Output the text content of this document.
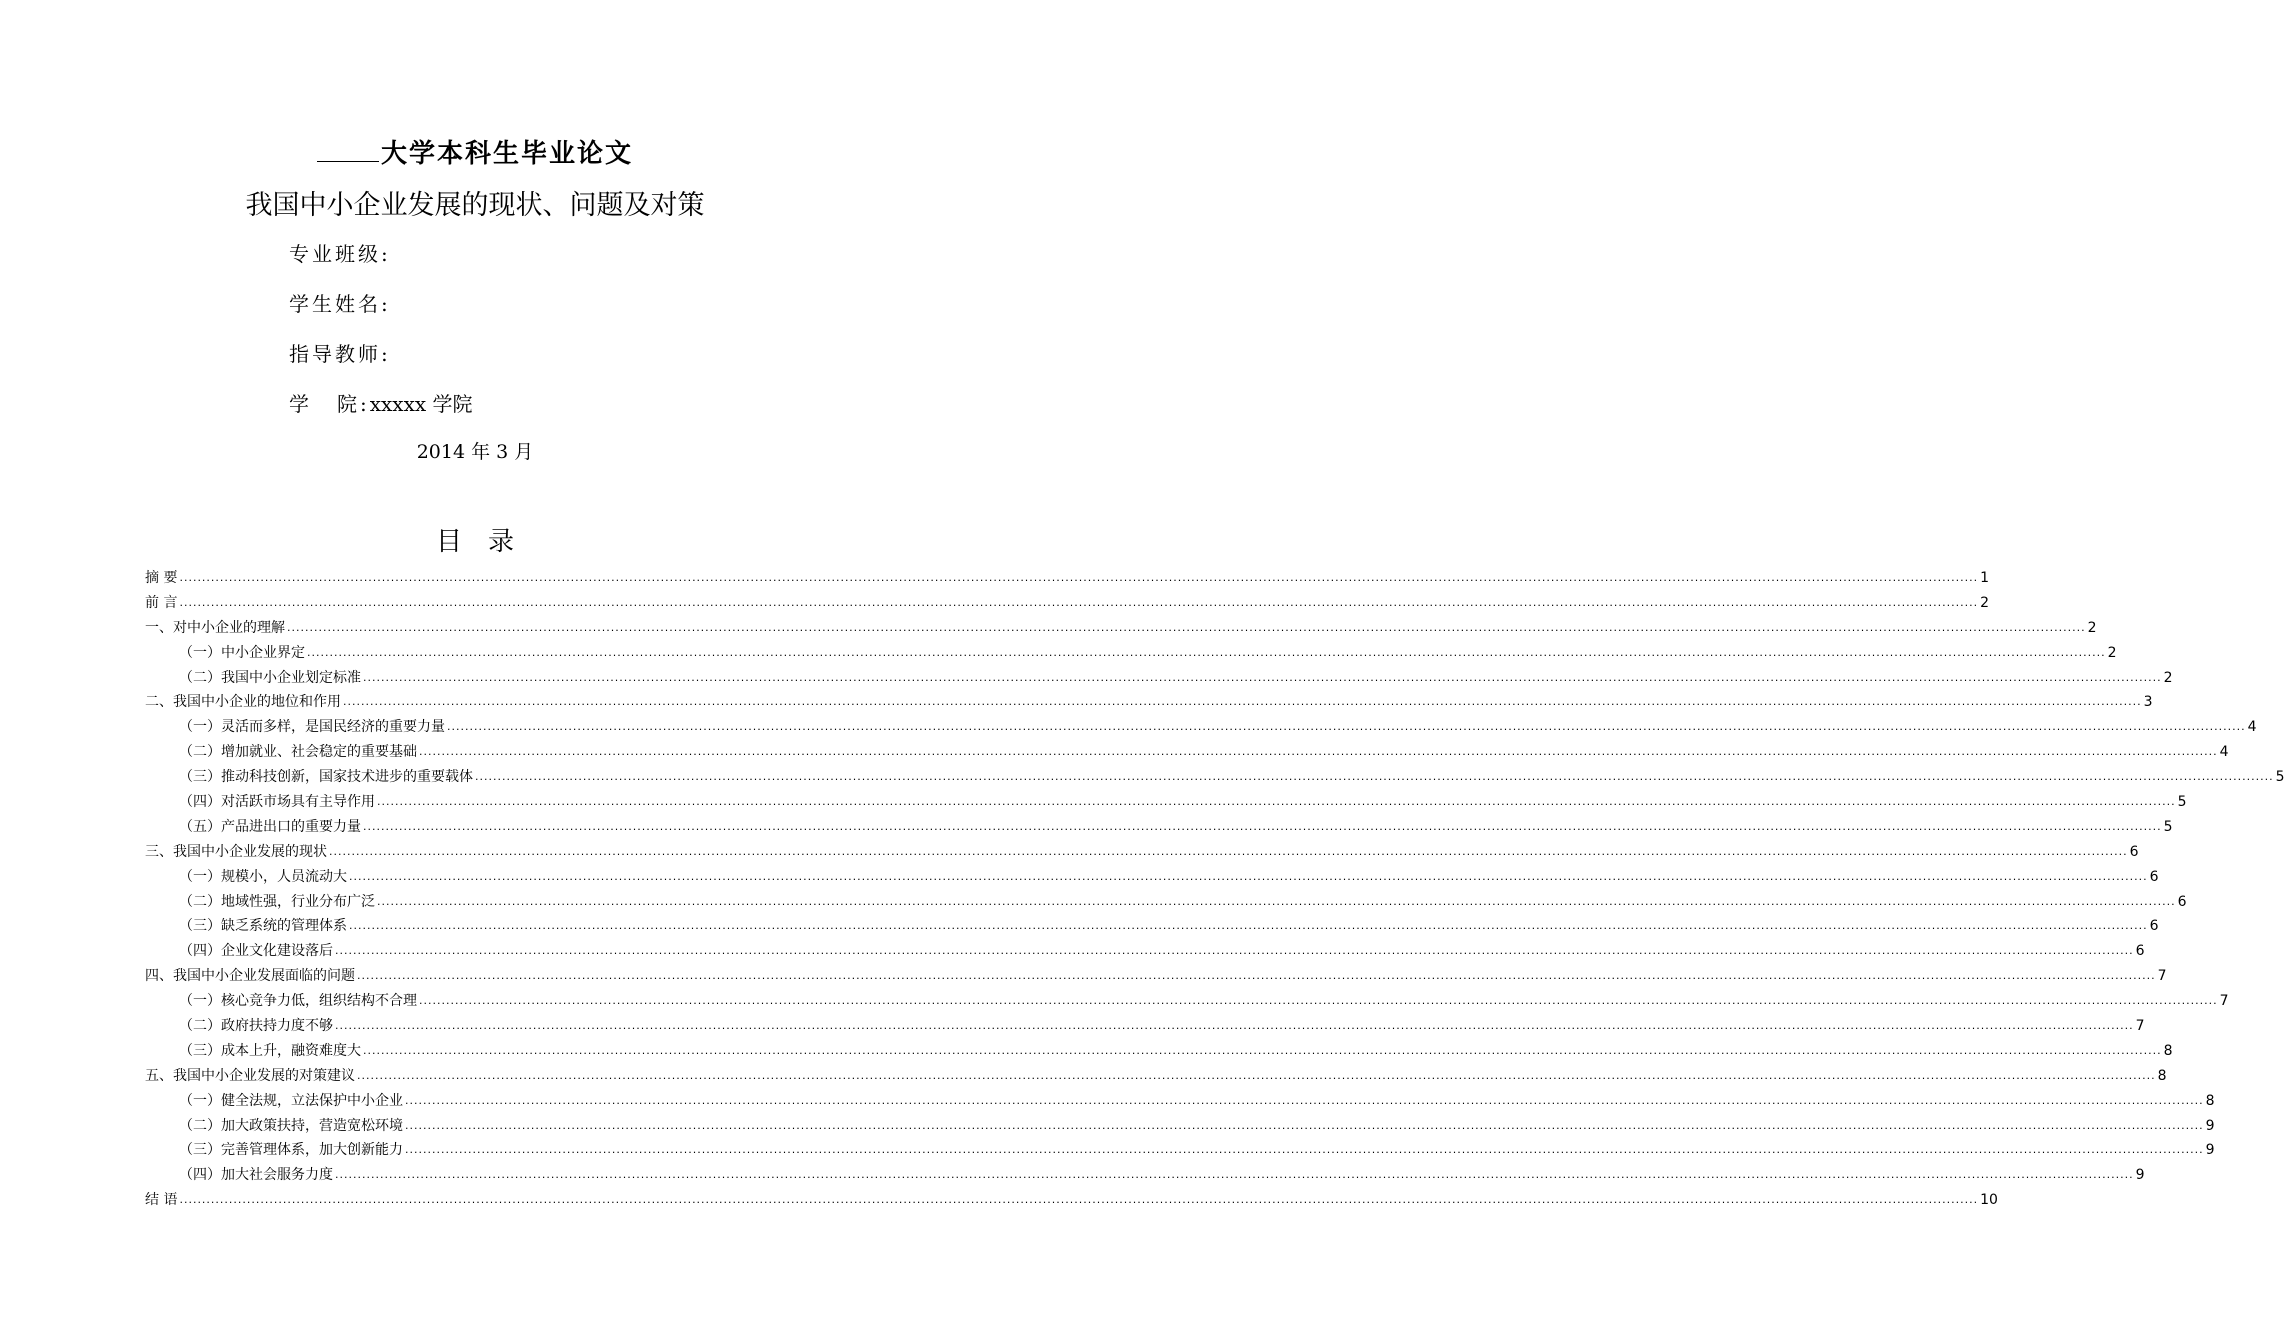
大学本科生毕业论文
我国中小企业发展的现状、问题及对策
专业班级:
学生姓名:
指导教师:
学 院:xxxxx 学院
2014 年 3 月
目 录
摘 要 ................................................................................................................................................................................................................................................................................................................................................................................................................ 1
前 言 ................................................................................................................................................................................................................................................................................................................................................................................................................ 2
一、对中小企业的理解 ................................................................................................................................................................................................................................................................................................................................................................................................................ 2
（一）中小企业界定 ................................................................................................................................................................................................................................................................................................................................................................................................................ 2
（二）我国中小企业划定标准 ................................................................................................................................................................................................................................................................................................................................................................................................................ 2
二、我国中小企业的地位和作用 ................................................................................................................................................................................................................................................................................................................................................................................................................ 3
（一）灵活而多样，是国民经济的重要力量 ................................................................................................................................................................................................................................................................................................................................................................................................................ 4
（二）增加就业、社会稳定的重要基础 ................................................................................................................................................................................................................................................................................................................................................................................................................ 4
（三）推动科技创新，国家技术进步的重要载体 ................................................................................................................................................................................................................................................................................................................................................................................................................ 5
（四）对活跃市场具有主导作用 ................................................................................................................................................................................................................................................................................................................................................................................................................ 5
（五）产品进出口的重要力量 ................................................................................................................................................................................................................................................................................................................................................................................................................ 5
三、我国中小企业发展的现状 ................................................................................................................................................................................................................................................................................................................................................................................................................ 6
（一）规模小，人员流动大 ................................................................................................................................................................................................................................................................................................................................................................................................................ 6
（二）地域性强，行业分布广泛 ................................................................................................................................................................................................................................................................................................................................................................................................................ 6
（三）缺乏系统的管理体系 ................................................................................................................................................................................................................................................................................................................................................................................................................ 6
（四）企业文化建设落后 ................................................................................................................................................................................................................................................................................................................................................................................................................ 6
四、我国中小企业发展面临的问题 ................................................................................................................................................................................................................................................................................................................................................................................................................ 7
（一）核心竞争力低，组织结构不合理 ................................................................................................................................................................................................................................................................................................................................................................................................................ 7
（二）政府扶持力度不够 ................................................................................................................................................................................................................................................................................................................................................................................................................ 7
（三）成本上升，融资难度大 ................................................................................................................................................................................................................................................................................................................................................................................................................ 8
五、我国中小企业发展的对策建议 ................................................................................................................................................................................................................................................................................................................................................................................................................ 8
（一）健全法规，立法保护中小企业 ................................................................................................................................................................................................................................................................................................................................................................................................................ 8
（二）加大政策扶持，营造宽松环境 ................................................................................................................................................................................................................................................................................................................................................................................................................ 9
（三）完善管理体系，加大创新能力 ................................................................................................................................................................................................................................................................................................................................................................................................................ 9
（四）加大社会服务力度 ................................................................................................................................................................................................................................................................................................................................................................................................................ 9
结 语 ................................................................................................................................................................................................................................................................................................................................................................................................................ 10
